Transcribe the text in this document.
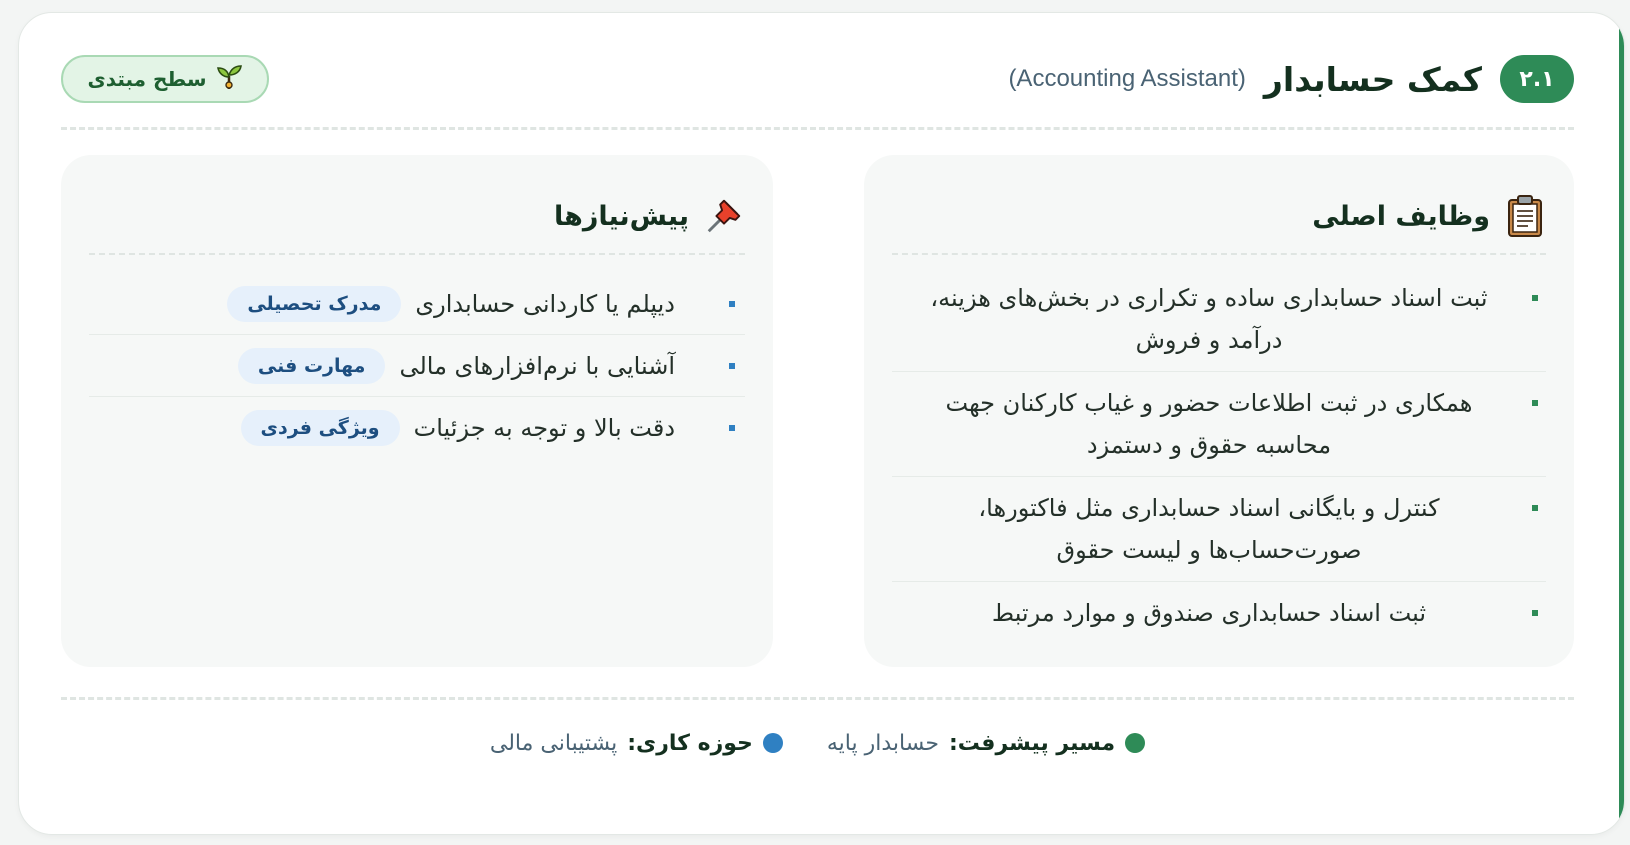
۲.۱
کمک حسابدار
(Accounting Assistant)
سطح مبتدی
وظایف اصلی
ثبت اسناد حسابداری ساده و تکراری در بخش‌های هزینه، درآمد و فروش
همکاری در ثبت اطلاعات حضور و غیاب کارکنان جهت محاسبه حقوق و دستمزد
کنترل و بایگانی اسناد حسابداری مثل فاکتورها، صورت‌حساب‌ها و لیست حقوق
ثبت اسناد حسابداری صندوق و موارد مرتبط
پیش‌نیازها
دیپلم یا کاردانی حسابداری
مدرک تحصیلی
آشنایی با نرم‌افزارهای مالی
مهارت فنی
دقت بالا و توجه به جزئیات
ویژگی فردی
مسیر پیشرفت:
حسابدار پایه
حوزه کاری:
پشتیبانی مالی
